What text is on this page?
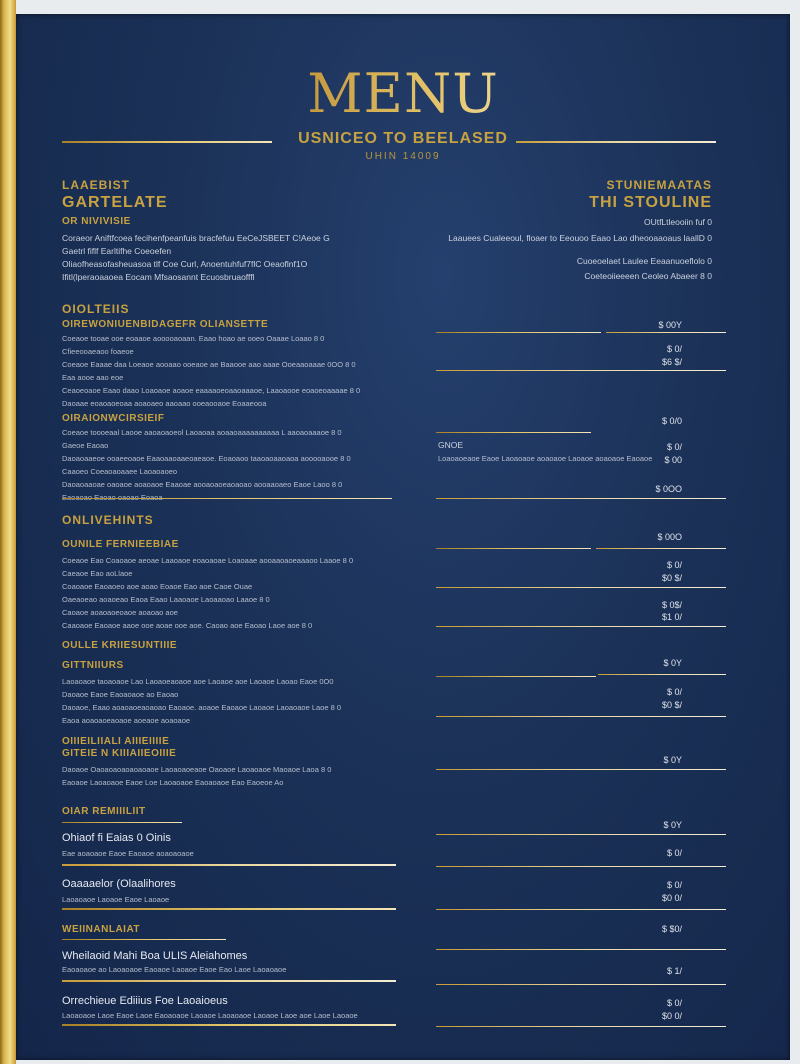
MENU
USNICEO TO BEELASED
UHIN 14009
LAAEBIST
GARTELATE
OR NIVIVISIE
Coraeor Aniftfcoea fecihenfpeanfuis bracfefuu EeCeJSBEET C!Aeoe G
Gaetrl fiflf Earltifhe Coeoefen
Oliaofheasofasheuasoa tlf Coe Curl, Anoentuhfuf7flC Oeaoflnf1O
Ifitl(lperaoaaoea Eocam Mfsaosannt Ecuosbruaofffl
STUNIEMAATAS
THI STOULINE
OUtfLtleooiin fuf 0
Laauees Cualeeoul, floaer to Eeouoo Eaao Lao dheooaaoaus laallD 0
Cuoeoelaet Laulee Eeaanuoeflolo 0
Coeteoiieeeen Ceoleo Abaeer 8 0
OIOLTEIIS
OIREWONIUENBIDAGEFR OLIANSETTE
Coeaoe tooae ooe eoaaoe aooooaoaan. Eaao hoao ae ooeo Oaaae Loaao 8 0
Cfieeooaeaoo foaeoe
Coeaoe Eaaae daa Loeaoe aooaao ooeaoe ae Baaooe aao aaae Ooeaaoaaae 0OO 8 0
Eaa aooe aao eoe
Ceaoeoaoe Eaao daao Loaoaoe aoaoe eaaaaoeoaaoaaaoe, Laaoaooe eoaoeoaaaae 8 0
Daoaae eoaoaoeoaa aoaoaeo aaoaao ooeaooaoe Eoaaeooa
OIRAIONWCIRSIEIF
Coeaoe toooeaal Laooe aaoaoaoeol Laoaoaa aoaaoaaaaaaaaaa L aaoaoaaaoe 8 0
Gaeoe Eaoao
Daoaoaaeoe ooaeeoaoe Eaaoaaoaaeoaeaoe. Eoaoaoo taaoaoaaoaoa aooooaooe 8 0
Caaoeo Coeaoaoaaee Laoaoaoeo
Daoaoaaoae oaoaoe aoaoaoe Eaaoae aooaoaoeaoaoao aooaaoaeo Eaoe Laoo 8 0
ONLIVEHINTS
OUNILE FERNIEEBIAE
Coeaoe Eao Coaoaoe aeoae Laaoaoe eoaoaoae Loaoaae aooaaoaoeaaaoo Laaoe 8 0
Caeaoe Eao aoLlaoe
Coaoaoe Eaoaoeo aoe aoao Eoaoe Eao aoe Caoe Ouae
Oaeaoeao aoaoeao Eaoa Eaao Laaoaoe Laoaaoao Laaoe 8 0
Caoaoe aoaoaoeoaoe aoaoao aoe
Caaoaoe Eaoaoe aaoe ooe aoae ooe aoe. Caoao aoe Eaoao Laoe aoe 8 0
OULLE KRIIESUNTIIIE
GITTNIIURS
Laoaoaoe taoaoaoe Lao Laoaoeaoaoe aoe Laoaoe aoe Laoaoe Laoao Eaoe 0O0
Daoaoe Eaoe Eaoaoaoe ao Eaoao
Daoaoe, Eaao aoaoaoeaoaoao Eaoaoe. aoaoe Eaoaoe Laoaoe Laoaoaoe Laoe 8 0
Eaoa aoaoaoeaoaoe aoeaoe aoaoaoe
OIIIEILIIALI AIIIEIIIIE
GITEIE N KIIIAIIEOIIIE
Daoaoe Oaoaoaoaoaoaoaoe Laoaoaoeaoe Oaoaoe Laoaoaoe Maoaoe Laoa 8 0
Eaoaoe Laoaoaoe Eaoe Loe Laoaoaoe Eaoaoaoe Eao Eaoeoe Ao
OIAR REMIIILIIT
Ohiaof fi Eaias 0 Oinis
Eae aoaoaoe Eaoe Eaoaoe aoaoaoaoe
Oaaaaelor (Olaalihores
Laoaoaoe Laoaoe Eaoe Laoaoe
WEIINANLAIAT
Wheilaoid Mahi Boa ULIS Aleiahomes
Eaoaoaoe ao Laoaoaoe Eaoaoe Laoaoe Eaoe Eao Laoe Laoaoaoe
Orrechieue Ediiius Foe Laoaioeus
Laoaoaoe Laoe Eaoe Laoe Eaoaoaoe Laoaoe Laoaoaoe Laoaoe Laoe aoe Laoe Laoaoe
GNOE
Loaoaoeaoe Eaoe Laoaoaoe aoaoaoe Laoaoe aoaoaoe Eaoaoe
$ 00Y
$ 0/
$6 $/
$ 0/0
$ 0/
$ 00
$ 0OO
$ 00O
$ 0/
$0 $/
$ 0$/
$1 0/
$ 0Y
$ 0/
$0 $/
$ 0Y
$ 0Y
$ 0/
$ 0/
$0 0/
$ $0/
$ 1/
$ 0/
$0 0/
